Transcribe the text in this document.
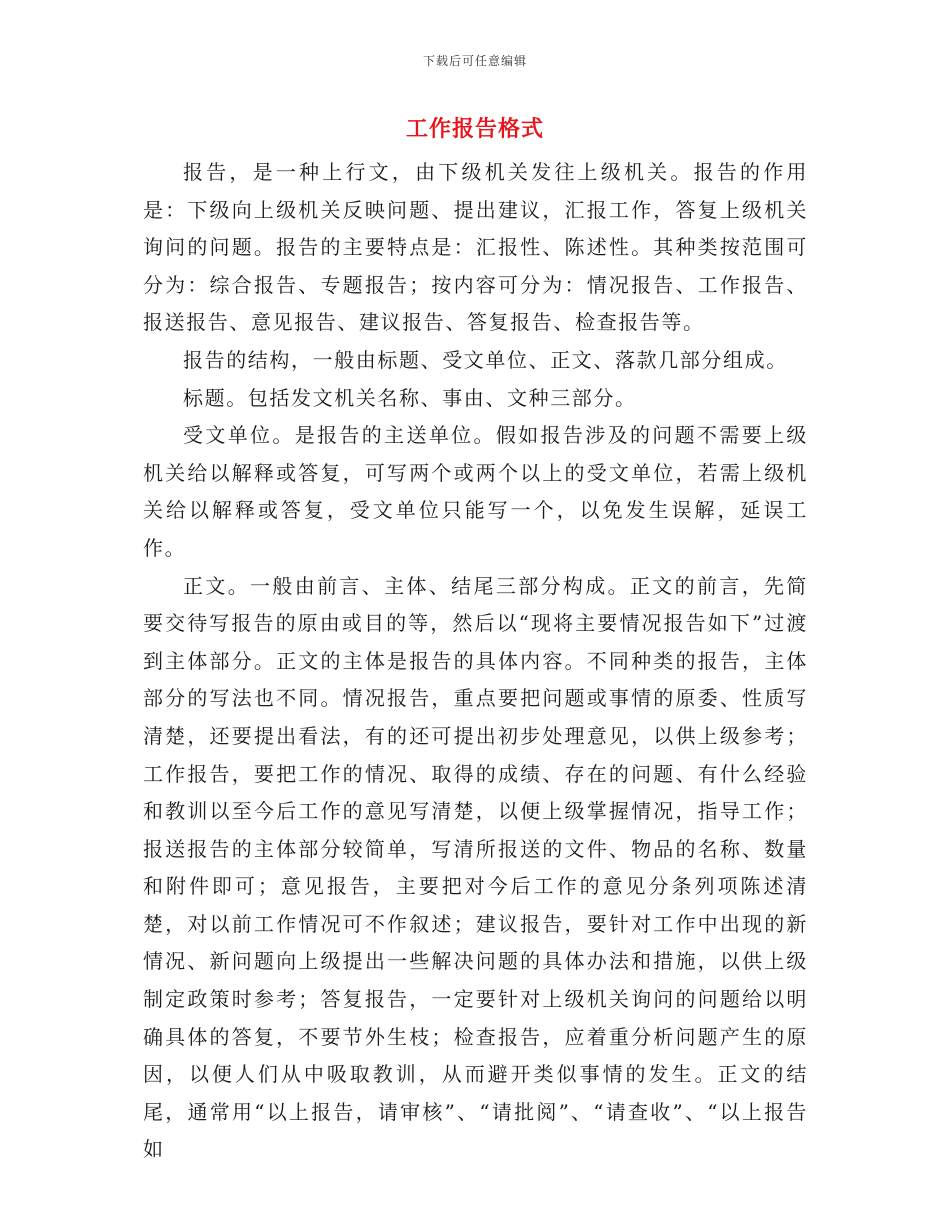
下载后可任意编辑
工作报告格式

报告，是一种上行文，由下级机关发往上级机关。报告的作用是：下级向上级机关反映问题、提出建议，汇报工作，答复上级机关询问的问题。报告的主要特点是：汇报性、陈述性。其种类按范围可分为：综合报告、专题报告；按内容可分为：情况报告、工作报告、报送报告、意见报告、建议报告、答复报告、检查报告等。

报告的结构，一般由标题、受文单位、正文、落款几部分组成。

标题。包括发文机关名称、事由、文种三部分。

受文单位。是报告的主送单位。假如报告涉及的问题不需要上级机关给以解释或答复，可写两个或两个以上的受文单位，若需上级机关给以解释或答复，受文单位只能写一个，以免发生误解，延误工作。

正文。一般由前言、主体、结尾三部分构成。正文的前言，先简要交待写报告的原由或目的等，然后以“现将主要情况报告如下”过渡到主体部分。正文的主体是报告的具体内容。不同种类的报告，主体部分的写法也不同。情况报告，重点要把问题或事情的原委、性质写清楚，还要提出看法，有的还可提出初步处理意见，以供上级参考；工作报告，要把工作的情况、取得的成绩、存在的问题、有什么经验和教训以至今后工作的意见写清楚，以便上级掌握情况，指导工作；报送报告的主体部分较简单，写清所报送的文件、物品的名称、数量和附件即可；意见报告，主要把对今后工作的意见分条列项陈述清楚，对以前工作情况可不作叙述；建议报告，要针对工作中出现的新情况、新问题向上级提出一些解决问题的具体办法和措施，以供上级制定政策时参考；答复报告，一定要针对上级机关询问的问题给以明确具体的答复，不要节外生枝；检查报告，应着重分析问题产生的原因，以便人们从中吸取教训，从而避开类似事情的发生。正文的结尾，通常用“以上报告，请审核”、“请批阅”、“请查收”、“以上报告如
